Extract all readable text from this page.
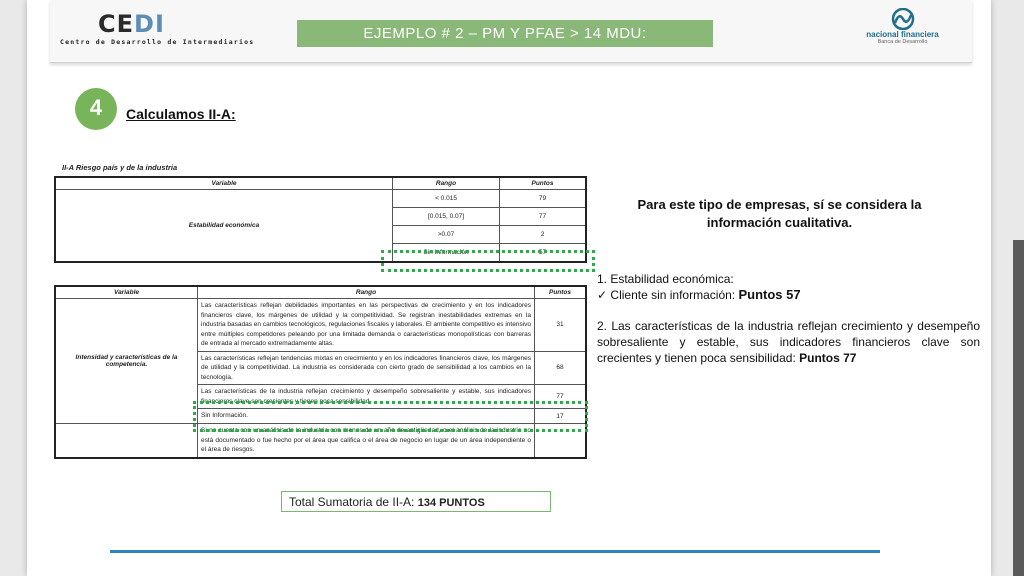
CEDI
Centro de Desarrollo de Intermediarios	EJEMPLO # 2 – PM Y PFAE > 14 MDU:	nacional financiera
Banca de Desarrollo
4	Calculamos II-A:
II-A Riesgo país y de la industria
Variable	Rango	Puntos
Estabilidad económica	< 0.015	79
	[0.015, 0.07]	77
	>0.07	2
	Sin Información	57
Variable	Rango	Puntos
Intensidad y características de la competencia.	Las características reflejan debilidades importantes en las perspectivas de crecimiento y en los indicadores financieros clave, los márgenes de utilidad y la competitividad. Se registran inestabilidades extremas en la industria basadas en cambios tecnológicos, regulaciones fiscales y laborales. El ambiente competitivo es intensivo entre múltiples competidores peleando por una limitada demanda o características monopolísticas con barreras de entrada al mercado extremadamente altas.	31
	Las características reflejan tendencias mixtas en crecimiento y en los indicadores financieros clave, los márgenes de utilidad y la competitividad. La industria es considerada con cierto grado de sensibilidad a los cambios en la tecnología.	68
	Las características de la industria reflejan crecimiento y desempeño sobresaliente y estable, sus indicadores financieros clave son crecientes y tienen poca sensibilidad.	77
	Sin Información.	17
	Si no cuenta con un análisis de la industria con menos de un año de antigüedad, o el análisis de la industria no está documentado o fue hecho por el área que califica o el área de negocio en lugar de un área independiente o el área de riesgos.	
Para este tipo de empresas, sí se considera la información cualitativa.

1. Estabilidad económica:

✓ Cliente sin información: Puntos 57

2. Las características de la industria reflejan crecimiento y desempeño sobresaliente y estable, sus indicadores financieros clave son crecientes y tienen poca sensibilidad: Puntos 77

Total Sumatoria de II-A: 134 PUNTOS
